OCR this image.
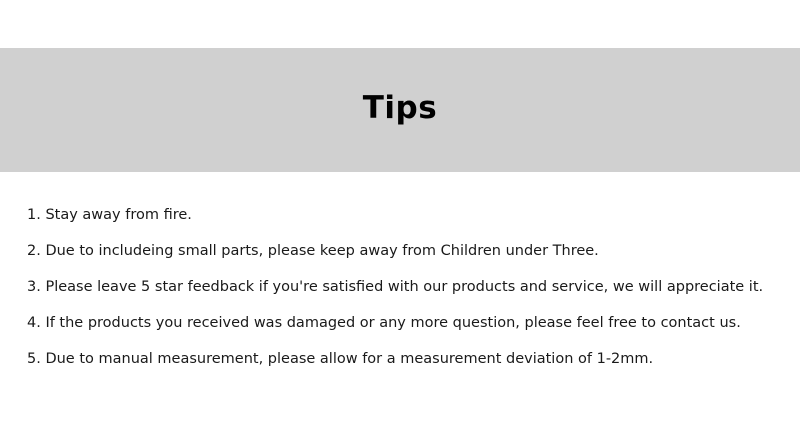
Tips
1. Stay away from fire.
2. Due to includeing small parts, please keep away from Children under Three.
3. Please leave 5 star feedback if you're satisfied with our products and service, we will appreciate it.
4. If the products you received was damaged or any more question, please feel free to contact us.
5. Due to manual measurement, please allow for a measurement deviation of 1-2mm.
